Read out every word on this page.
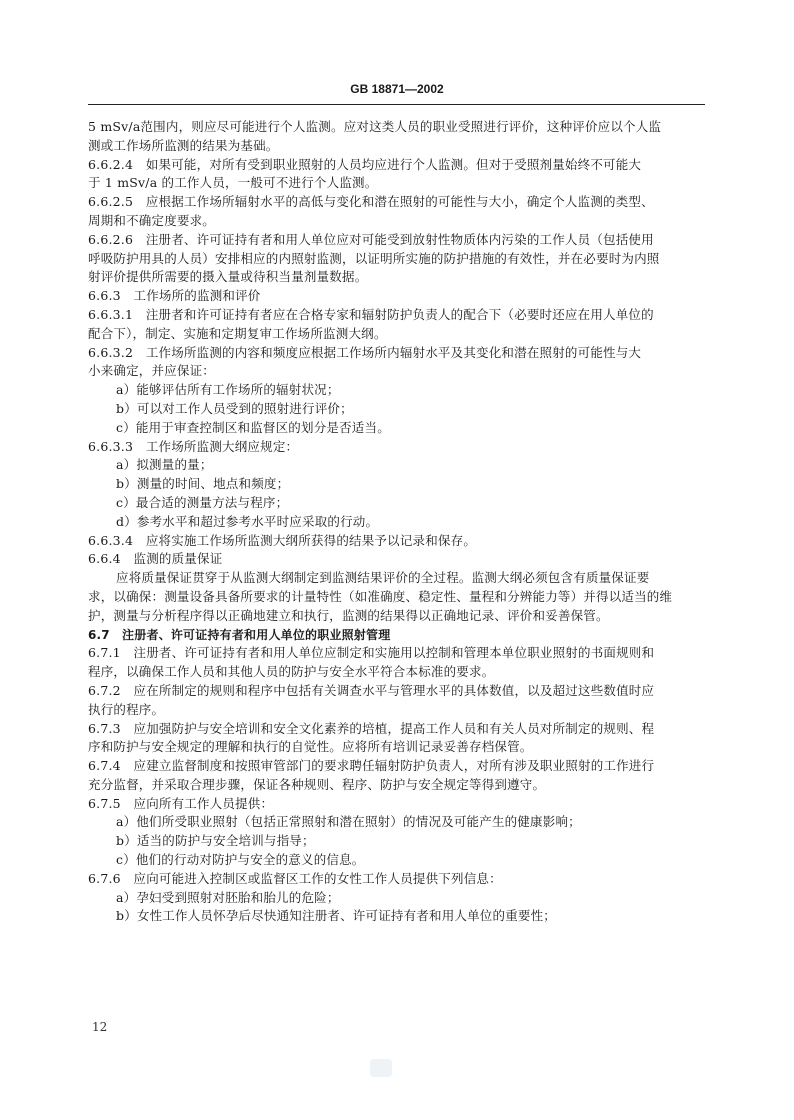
GB 18871—2002
5 mSv/a范围内，则应尽可能进行个人监测。应对这类人员的职业受照进行评价，这种评价应以个人监
测或工作场所监测的结果为基础。
6.6.2.4　如果可能，对所有受到职业照射的人员均应进行个人监测。但对于受照剂量始终不可能大
于 1 mSv/a 的工作人员，一般可不进行个人监测。
6.6.2.5　应根据工作场所辐射水平的高低与变化和潜在照射的可能性与大小，确定个人监测的类型、
周期和不确定度要求。
6.6.2.6　注册者、许可证持有者和用人单位应对可能受到放射性物质体内污染的工作人员（包括使用
呼吸防护用具的人员）安排相应的内照射监测，以证明所实施的防护措施的有效性，并在必要时为内照
射评价提供所需要的摄入量或待积当量剂量数据。
6.6.3　工作场所的监测和评价
6.6.3.1　注册者和许可证持有者应在合格专家和辐射防护负责人的配合下（必要时还应在用人单位的
配合下），制定、实施和定期复审工作场所监测大纲。
6.6.3.2　工作场所监测的内容和频度应根据工作场所内辐射水平及其变化和潜在照射的可能性与大
小来确定，并应保证：
a）能够评估所有工作场所的辐射状况；
b）可以对工作人员受到的照射进行评价；
c）能用于审查控制区和监督区的划分是否适当。
6.6.3.3　工作场所监测大纲应规定：
a）拟测量的量；
b）测量的时间、地点和频度；
c）最合适的测量方法与程序；
d）参考水平和超过参考水平时应采取的行动。
6.6.3.4　应将实施工作场所监测大纲所获得的结果予以记录和保存。
6.6.4　监测的质量保证
应将质量保证贯穿于从监测大纲制定到监测结果评价的全过程。监测大纲必须包含有质量保证要
求，以确保：测量设备具备所要求的计量特性（如准确度、稳定性、量程和分辨能力等）并得以适当的维
护，测量与分析程序得以正确地建立和执行，监测的结果得以正确地记录、评价和妥善保管。
6.7　注册者、许可证持有者和用人单位的职业照射管理
6.7.1　注册者、许可证持有者和用人单位应制定和实施用以控制和管理本单位职业照射的书面规则和
程序，以确保工作人员和其他人员的防护与安全水平符合本标准的要求。
6.7.2　应在所制定的规则和程序中包括有关调查水平与管理水平的具体数值，以及超过这些数值时应
执行的程序。
6.7.3　应加强防护与安全培训和安全文化素养的培植，提高工作人员和有关人员对所制定的规则、程
序和防护与安全规定的理解和执行的自觉性。应将所有培训记录妥善存档保管。
6.7.4　应建立监督制度和按照审管部门的要求聘任辐射防护负责人，对所有涉及职业照射的工作进行
充分监督，并采取合理步骤，保证各种规则、程序、防护与安全规定等得到遵守。
6.7.5　应向所有工作人员提供：
a）他们所受职业照射（包括正常照射和潜在照射）的情况及可能产生的健康影响；
b）适当的防护与安全培训与指导；
c）他们的行动对防护与安全的意义的信息。
6.7.6　应向可能进入控制区或监督区工作的女性工作人员提供下列信息：
a）孕妇受到照射对胚胎和胎儿的危险；
b）女性工作人员怀孕后尽快通知注册者、许可证持有者和用人单位的重要性；
12
